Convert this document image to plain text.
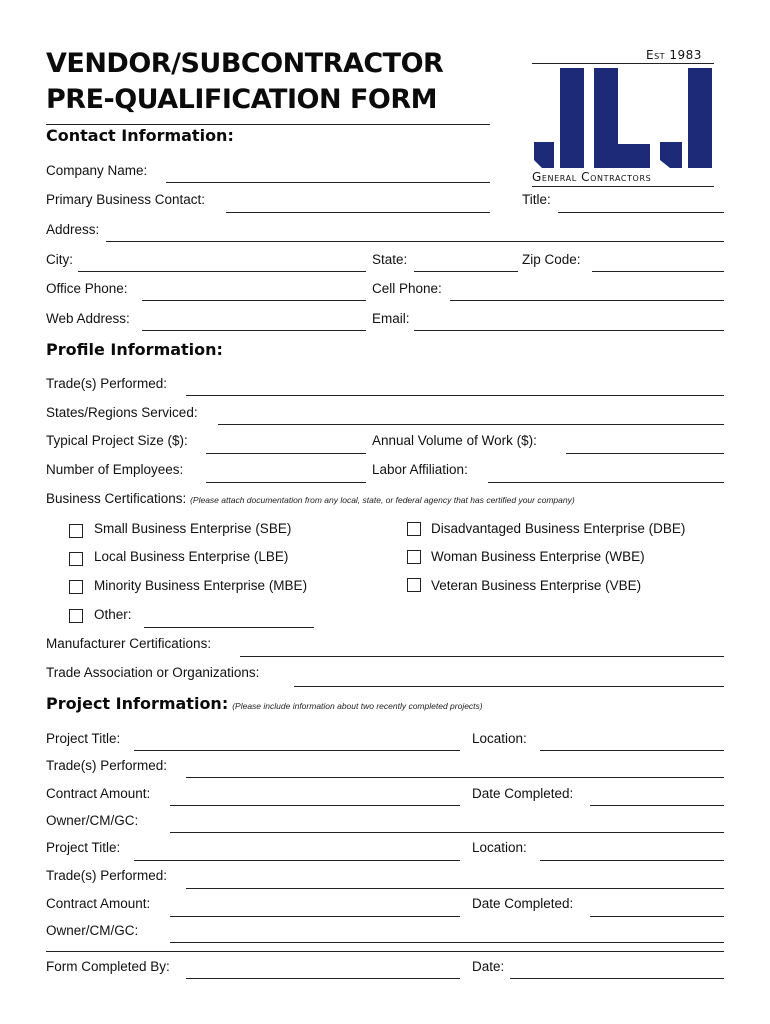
VENDOR/SUBCONTRACTOR
PRE-QUALIFICATION FORM
Est 1983
General Contractors
Contact Information:
Company Name:
Primary Business Contact:	Title:
Address:
City:	State:	Zip Code:
Office Phone:	Cell Phone:
Web Address:	Email:
Profile Information:
Trade(s) Performed:
States/Regions Serviced:
Typical Project Size ($):	Annual Volume of Work ($):
Number of Employees:	Labor Affiliation:
Business Certifications: (Please attach documentation from any local, state, or federal agency that has certified your company)
Small Business Enterprise (SBE)	Disadvantaged Business Enterprise (DBE)
Local Business Enterprise (LBE)	Woman Business Enterprise (WBE)
Minority Business Enterprise (MBE)	Veteran Business Enterprise (VBE)
Other:
Manufacturer Certifications:
Trade Association or Organizations:
Project Information: (Please include information about two recently completed projects)
Project Title:	Location:
Trade(s) Performed:
Contract Amount:	Date Completed:
Owner/CM/GC:
Project Title:	Location:
Trade(s) Performed:
Contract Amount:	Date Completed:
Owner/CM/GC:
Form Completed By:	Date:
